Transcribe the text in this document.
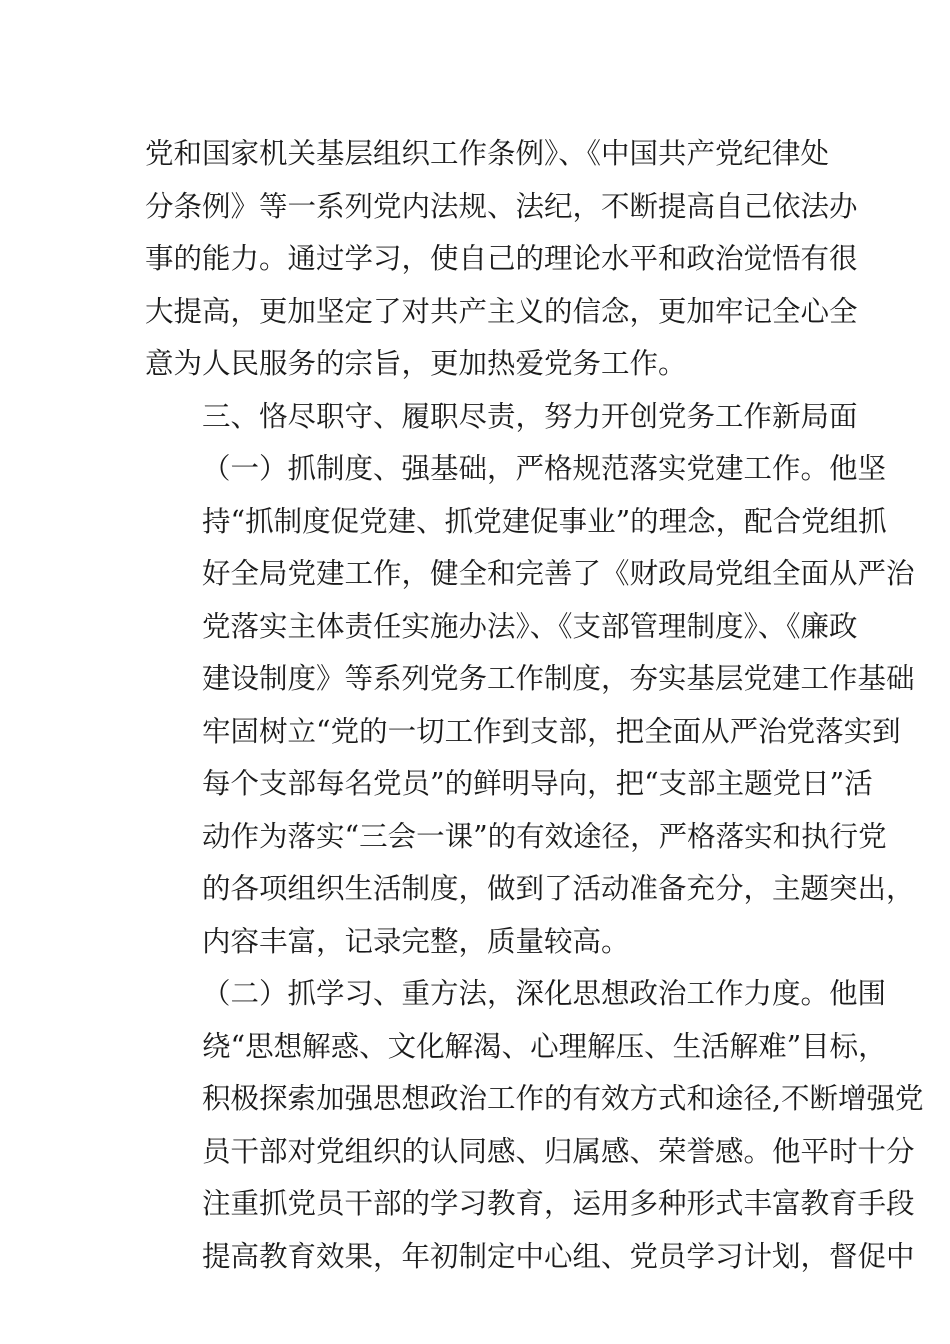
党和国家机关基层组织工作条例》、《中国共产党纪律处
分条例》等一系列党内法规、法纪，不断提高自己依法办
事的能力。通过学习，使自己的理论水平和政治觉悟有很
大提高，更加坚定了对共产主义的信念，更加牢记全心全
意为人民服务的宗旨，更加热爱党务工作。

三、恪尽职守、履职尽责，努力开创党务工作新局面

（一）抓制度、强基础，严格规范落实党建工作。他坚
持“抓制度促党建、抓党建促事业”的理念，配合党组抓
好全局党建工作，健全和完善了《财政局党组全面从严治
党落实主体责任实施办法》、《支部管理制度》、《廉政
建设制度》等系列党务工作制度，夯实基层党建工作基础
牢固树立“党的一切工作到支部，把全面从严治党落实到
每个支部每名党员”的鲜明导向，把“支部主题党日”活
动作为落实“三会一课”的有效途径，严格落实和执行党
的各项组织生活制度，做到了活动准备充分，主题突出，
内容丰富，记录完整，质量较高。

（二）抓学习、重方法，深化思想政治工作力度。他围
绕“思想解惑、文化解渴、心理解压、生活解难”目标，
积极探索加强思想政治工作的有效方式和途径,不断增强党
员干部对党组织的认同感、归属感、荣誉感。他平时十分
注重抓党员干部的学习教育，运用多种形式丰富教育手段
提高教育效果，年初制定中心组、党员学习计划，督促中
